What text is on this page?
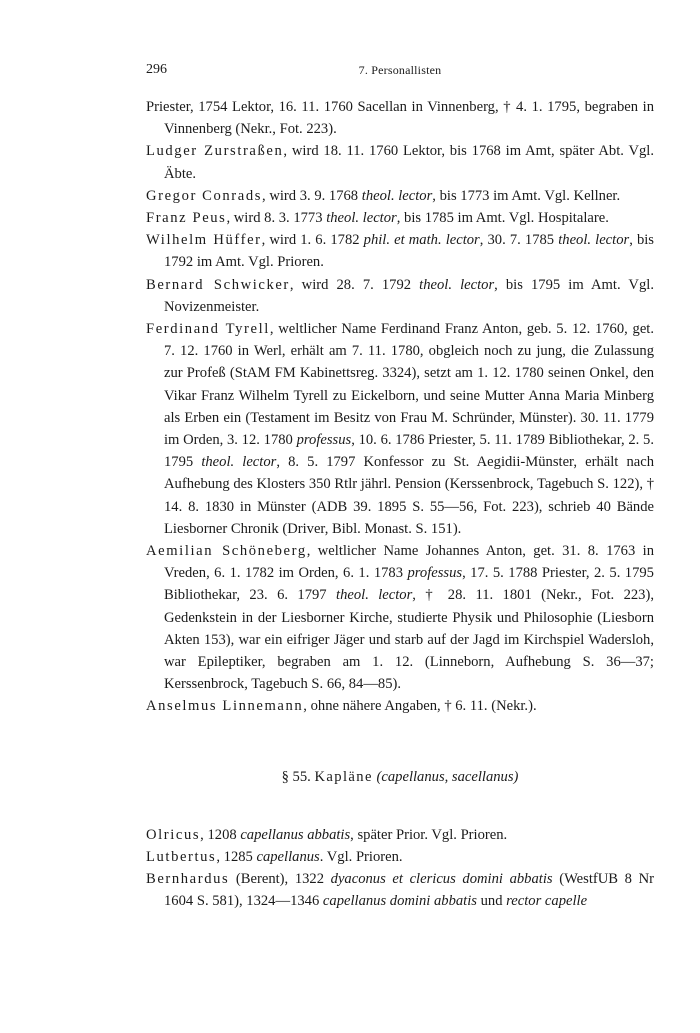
296	7. Personallisten

Priester, 1754 Lektor, 16. 11. 1760 Sacellan in Vinnenberg, † 4. 1. 1795, begraben in Vinnenberg (Nekr., Fot. 223).

Ludger Zurstraßen, wird 18. 11. 1760 Lektor, bis 1768 im Amt, später Abt. Vgl. Äbte.

Gregor Conrads, wird 3. 9. 1768 theol. lector, bis 1773 im Amt. Vgl. Kellner.

Franz Peus, wird 8. 3. 1773 theol. lector, bis 1785 im Amt. Vgl. Hospitalare.

Wilhelm Hüffer, wird 1. 6. 1782 phil. et math. lector, 30. 7. 1785 theol. lector, bis 1792 im Amt. Vgl. Prioren.

Bernard Schwicker, wird 28. 7. 1792 theol. lector, bis 1795 im Amt. Vgl. Novizenmeister.

Ferdinand Tyrell, weltlicher Name Ferdinand Franz Anton, geb. 5. 12. 1760, get. 7. 12. 1760 in Werl, erhält am 7. 11. 1780, obgleich noch zu jung, die Zulassung zur Profeß (StAM FM Kabinettsreg. 3324), setzt am 1. 12. 1780 seinen Onkel, den Vikar Franz Wilhelm Tyrell zu Eickelborn, und seine Mutter Anna Maria Minberg als Erben ein (Testament im Besitz von Frau M. Schründer, Münster). 30. 11. 1779 im Orden, 3. 12. 1780 professus, 10. 6. 1786 Priester, 5. 11. 1789 Bibliothekar, 2. 5. 1795 theol. lector, 8. 5. 1797 Konfessor zu St. Aegidii-Münster, erhält nach Aufhebung des Klosters 350 Rtlr jährl. Pension (Kerssenbrock, Tagebuch S. 122), † 14. 8. 1830 in Münster (ADB 39. 1895 S. 55—56, Fot. 223), schrieb 40 Bände Liesborner Chronik (Driver, Bibl. Monast. S. 151).

Aemilian Schöneberg, weltlicher Name Johannes Anton, get. 31. 8. 1763 in Vreden, 6. 1. 1782 im Orden, 6. 1. 1783 professus, 17. 5. 1788 Priester, 2. 5. 1795 Bibliothekar, 23. 6. 1797 theol. lector, † 28. 11. 1801 (Nekr., Fot. 223), Gedenkstein in der Liesborner Kirche, studierte Physik und Philosophie (Liesborn Akten 153), war ein eifriger Jäger und starb auf der Jagd im Kirchspiel Wadersloh, war Epileptiker, begraben am 1. 12. (Linneborn, Aufhebung S. 36—37; Kerssenbrock, Tagebuch S. 66, 84—85).

Anselmus Linnemann, ohne nähere Angaben, † 6. 11. (Nekr.).

§ 55. Kapläne (capellanus, sacellanus)

Olricus, 1208 capellanus abbatis, später Prior. Vgl. Prioren.

Lutbertus, 1285 capellanus. Vgl. Prioren.

Bernhardus (Berent), 1322 dyaconus et clericus domini abbatis (WestfUB 8 Nr 1604 S. 581), 1324—1346 capellanus domini abbatis und rector capelle
